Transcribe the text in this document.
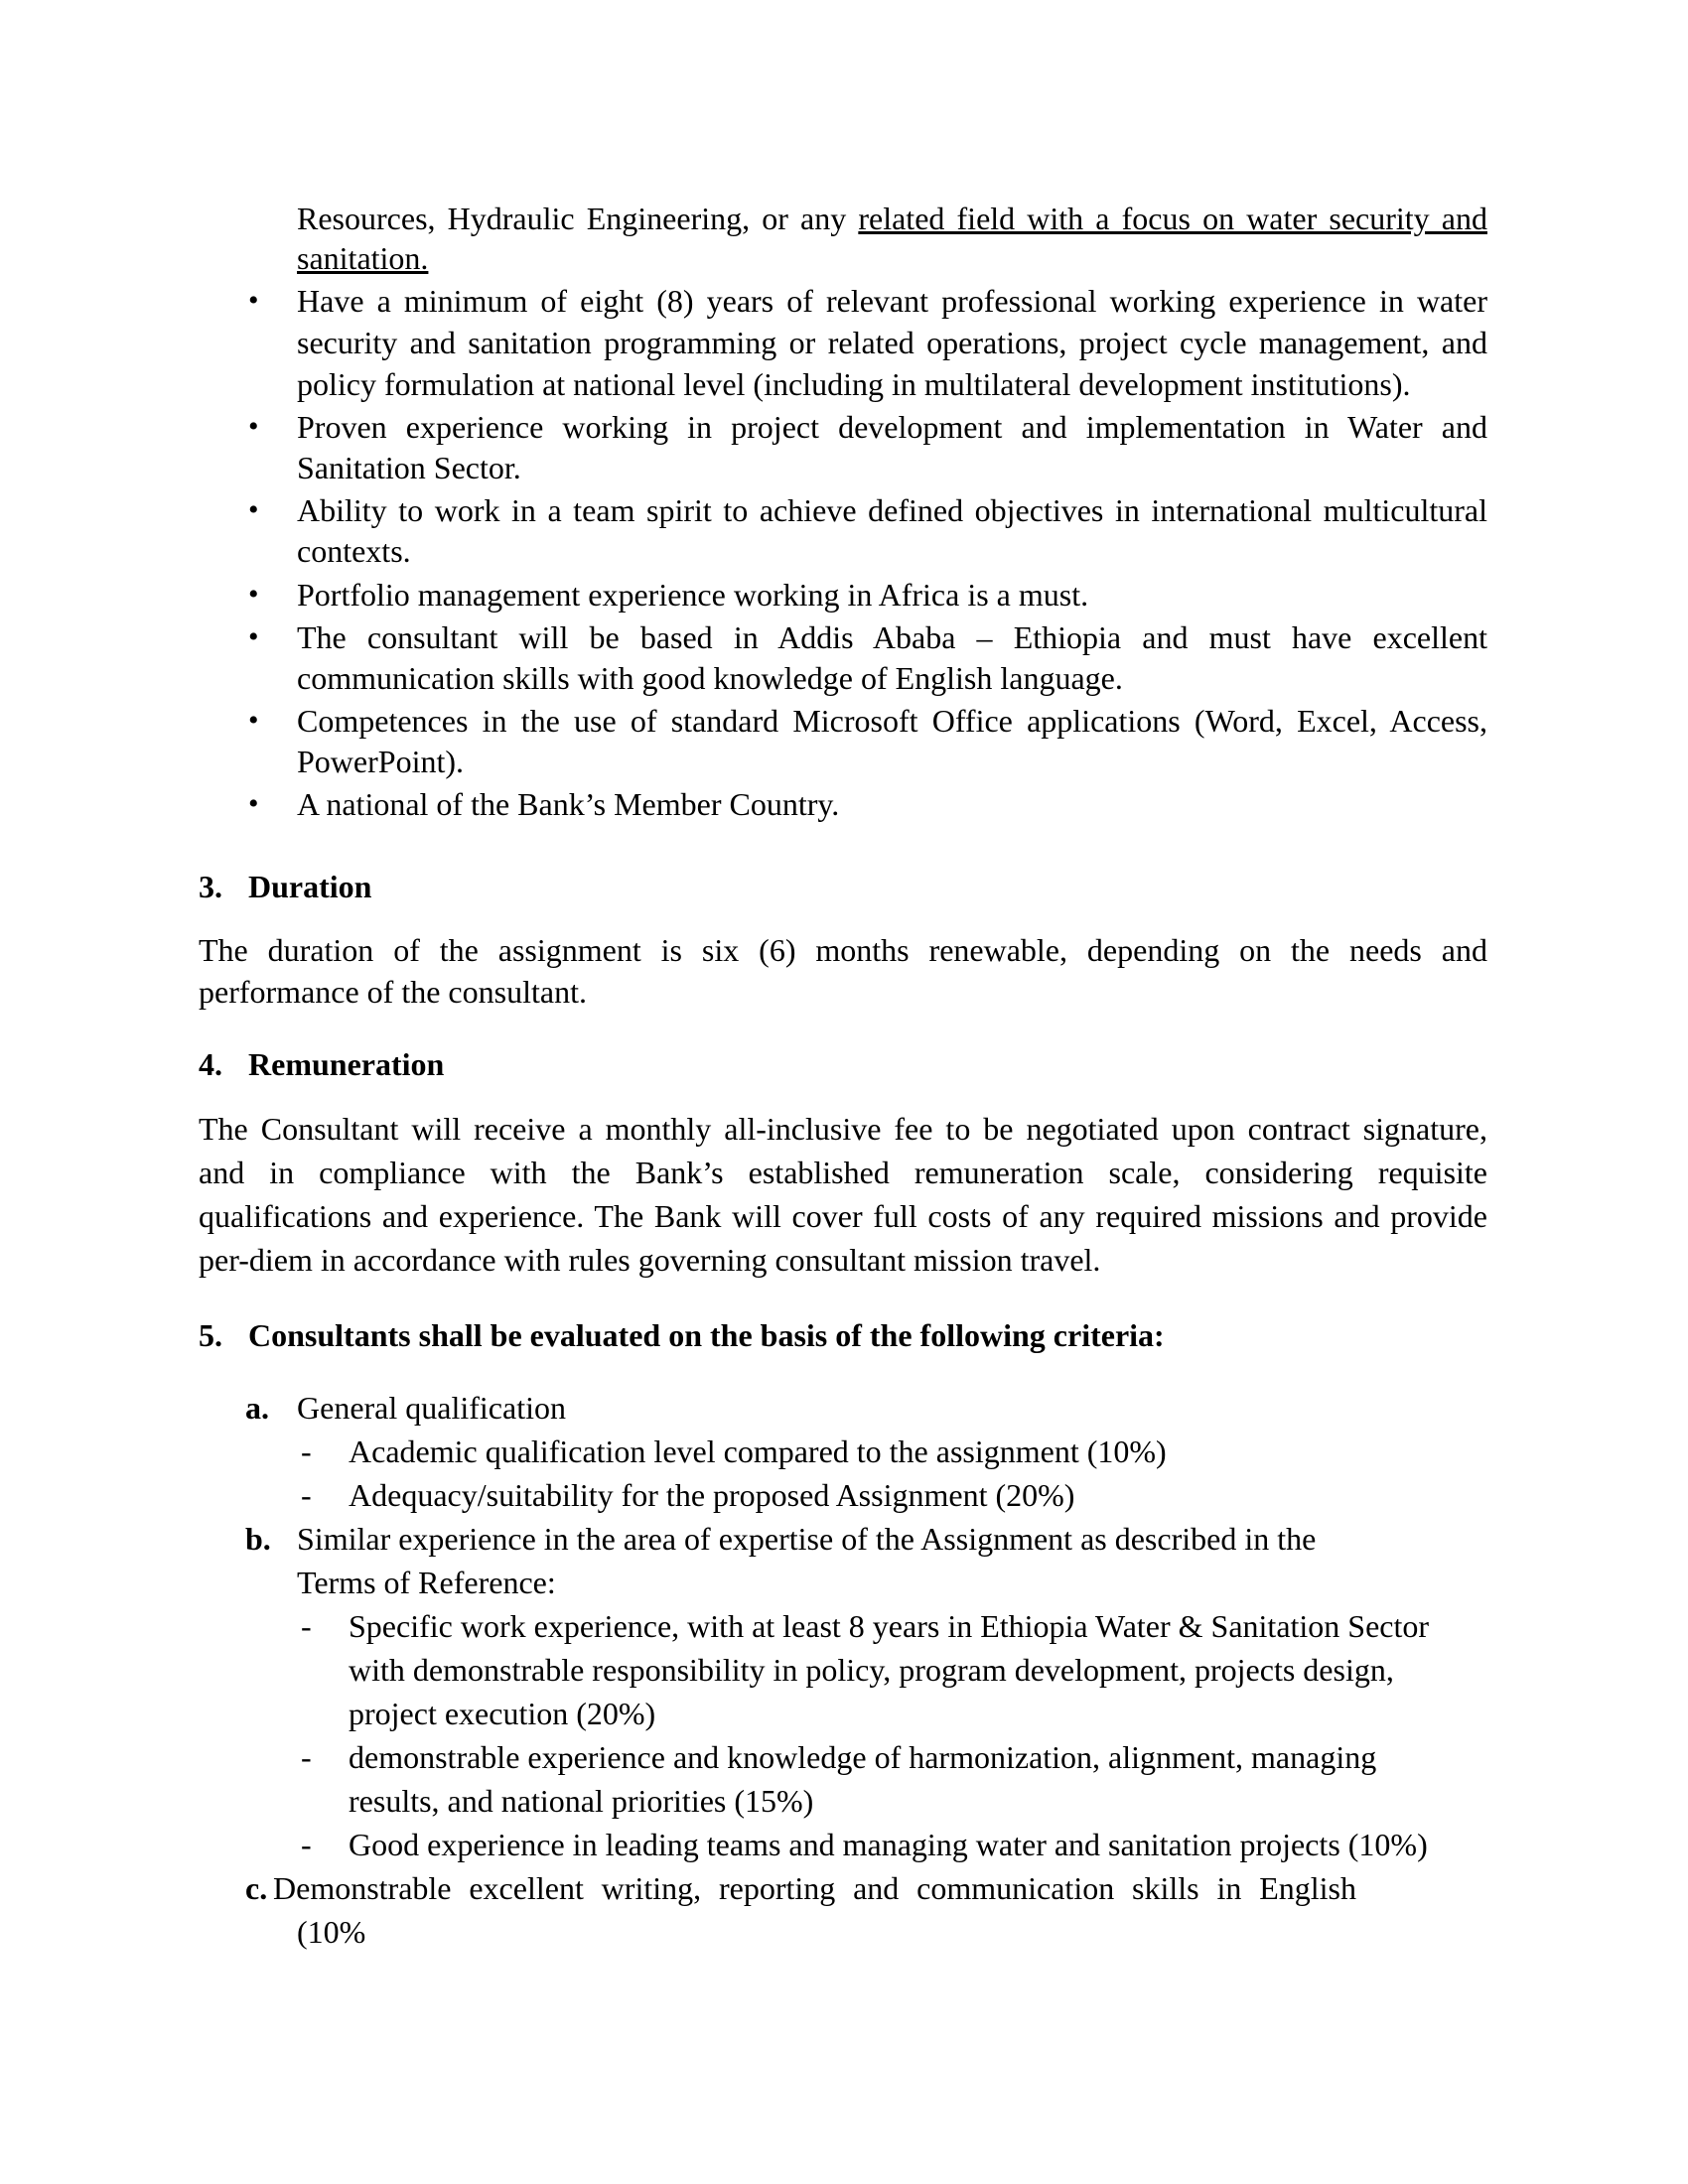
Resources, Hydraulic Engineering, or any related field with a focus on water security and
sanitation.
• Have a minimum of eight (8) years of relevant professional working experience in water
security and sanitation programming or related operations, project cycle management, and
policy formulation at national level (including in multilateral development institutions).
• Proven experience working in project development and implementation in Water and
Sanitation Sector.
• Ability to work in a team spirit to achieve defined objectives in international multicultural
contexts.
• Portfolio management experience working in Africa is a must.
• The consultant will be based in Addis Ababa – Ethiopia and must have excellent
communication skills with good knowledge of English language.
• Competences in the use of standard Microsoft Office applications (Word, Excel, Access,
PowerPoint).
• A national of the Bank’s Member Country.
3. Duration
The duration of the assignment is six (6) months renewable, depending on the needs and
performance of the consultant.
4. Remuneration
The Consultant will receive a monthly all-inclusive fee to be negotiated upon contract signature,
and in compliance with the Bank’s established remuneration scale, considering requisite
qualifications and experience. The Bank will cover full costs of any required missions and provide
per-diem in accordance with rules governing consultant mission travel.
5. Consultants shall be evaluated on the basis of the following criteria:
a. General qualification
- Academic qualification level compared to the assignment (10%)
- Adequacy/suitability for the proposed Assignment (20%)
b. Similar experience in the area of expertise of the Assignment as described in the
Terms of Reference:
- Specific work experience, with at least 8 years in Ethiopia Water & Sanitation Sector
with demonstrable responsibility in policy, program development, projects design,
project execution (20%)
- demonstrable experience and knowledge of harmonization, alignment, managing
results, and national priorities (15%)
- Good experience in leading teams and managing water and sanitation projects (10%)
c. Demonstrable excellent writing, reporting and communication skills in English
(10%
